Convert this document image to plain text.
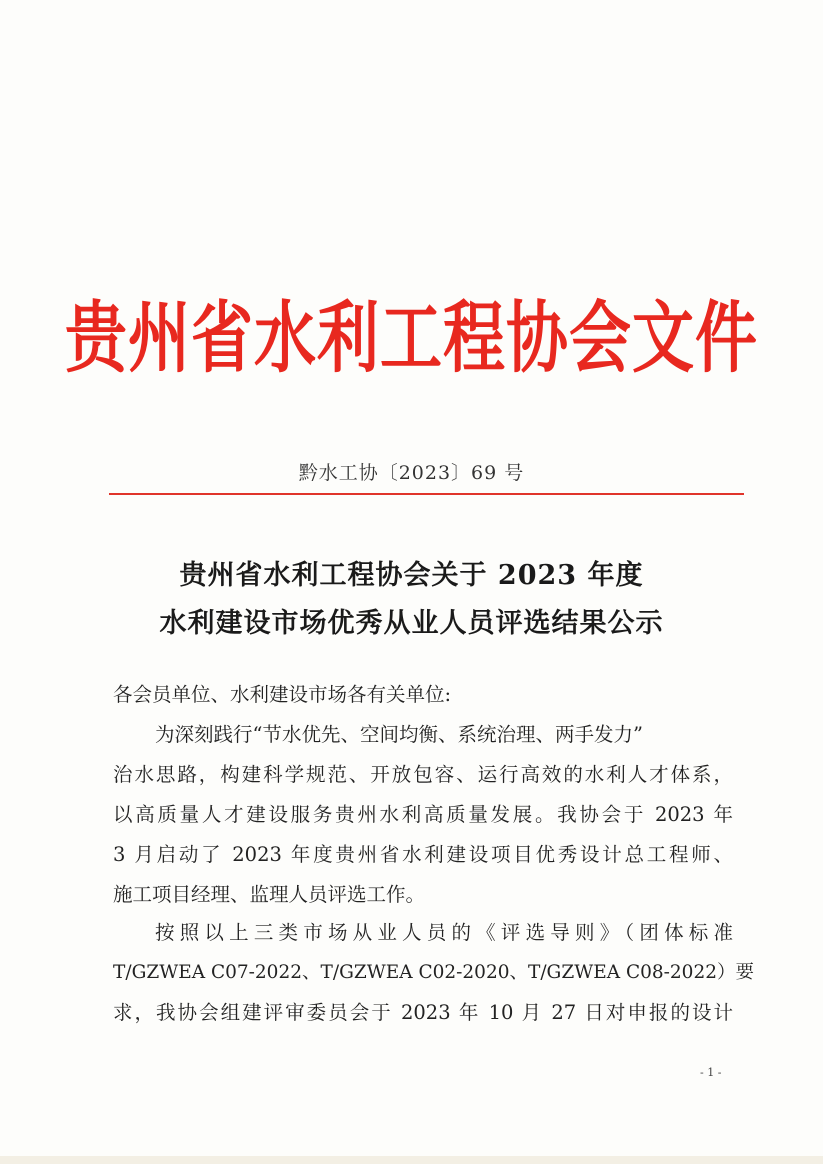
贵州省水利工程协会文件
黔水工协〔2023〕69 号
贵州省水利工程协会关于 2023 年度
水利建设市场优秀从业人员评选结果公示
各会员单位、水利建设市场各有关单位:
为深刻践行“节水优先、空间均衡、系统治理、两手发力”
治水思路，构建科学规范、开放包容、运行高效的水利人才体系，
以高质量人才建设服务贵州水利高质量发展。我协会于 2023 年
3 月启动了 2023 年度贵州省水利建设项目优秀设计总工程师、
施工项目经理、监理人员评选工作。
按照以上三类市场从业人员的《评选导则》（团体标准
T/GZWEA C07-2022、T/GZWEA C02-2020、T/GZWEA C08-2022）要
求，我协会组建评审委员会于 2023 年 10 月 27 日对申报的设计
- 1 -
